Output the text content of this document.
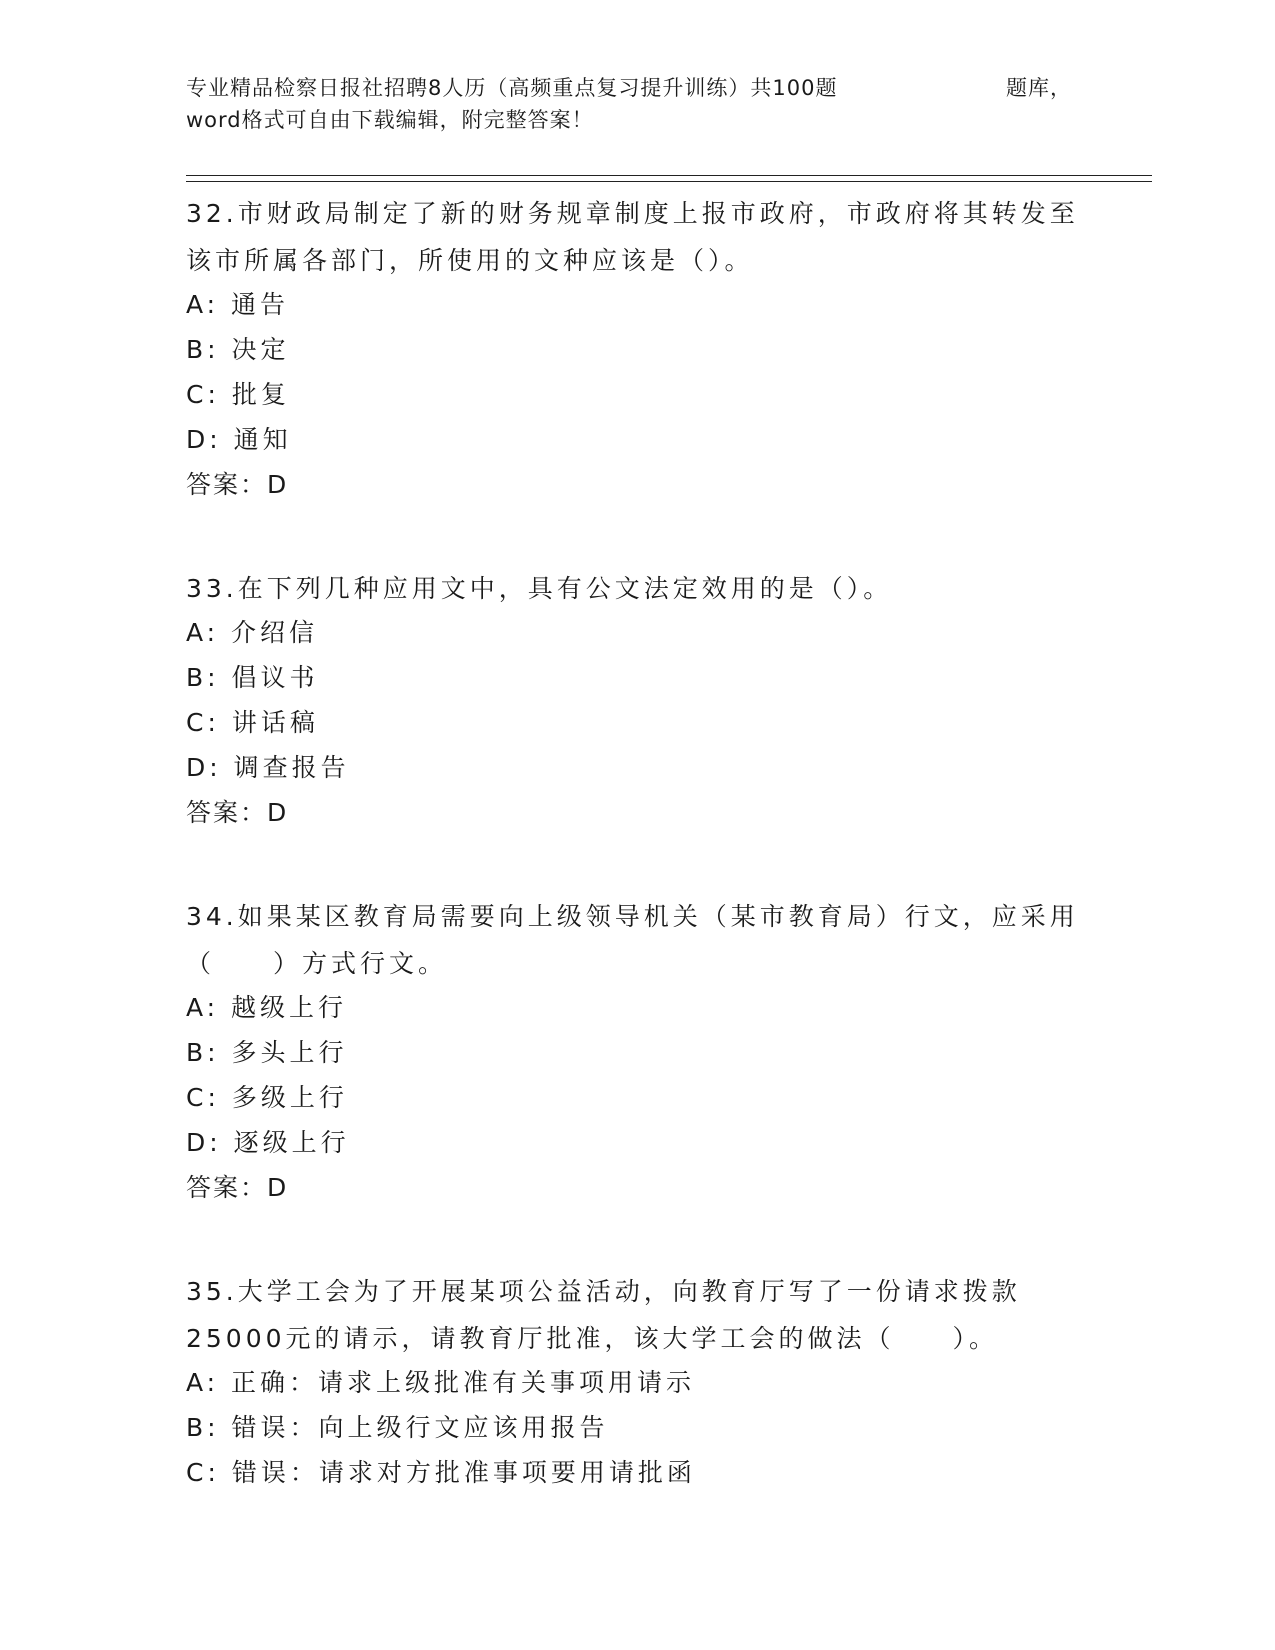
专业精品检察日报社招聘8人历（高频重点复习提升训练）共100题	题库，
word格式可自由下载编辑，附完整答案！

32.市财政局制定了新的财务规章制度上报市政府，市政府将其转发至

该市所属各部门，所使用的文种应该是（）。

A: 通告

B: 决定

C: 批复

D: 通知

答案：D

33.在下列几种应用文中，具有公文法定效用的是（）。

A: 介绍信

B: 倡议书

C: 讲话稿

D: 调查报告

答案：D

34.如果某区教育局需要向上级领导机关（某市教育局）行文，应采用

（　　）方式行文。

A: 越级上行

B: 多头上行

C: 多级上行

D: 逐级上行

答案：D

35.大学工会为了开展某项公益活动，向教育厅写了一份请求拨款

25000元的请示，请教育厅批准，该大学工会的做法（　　）。

A: 正确：请求上级批准有关事项用请示

B: 错误：向上级行文应该用报告

C: 错误：请求对方批准事项要用请批函
